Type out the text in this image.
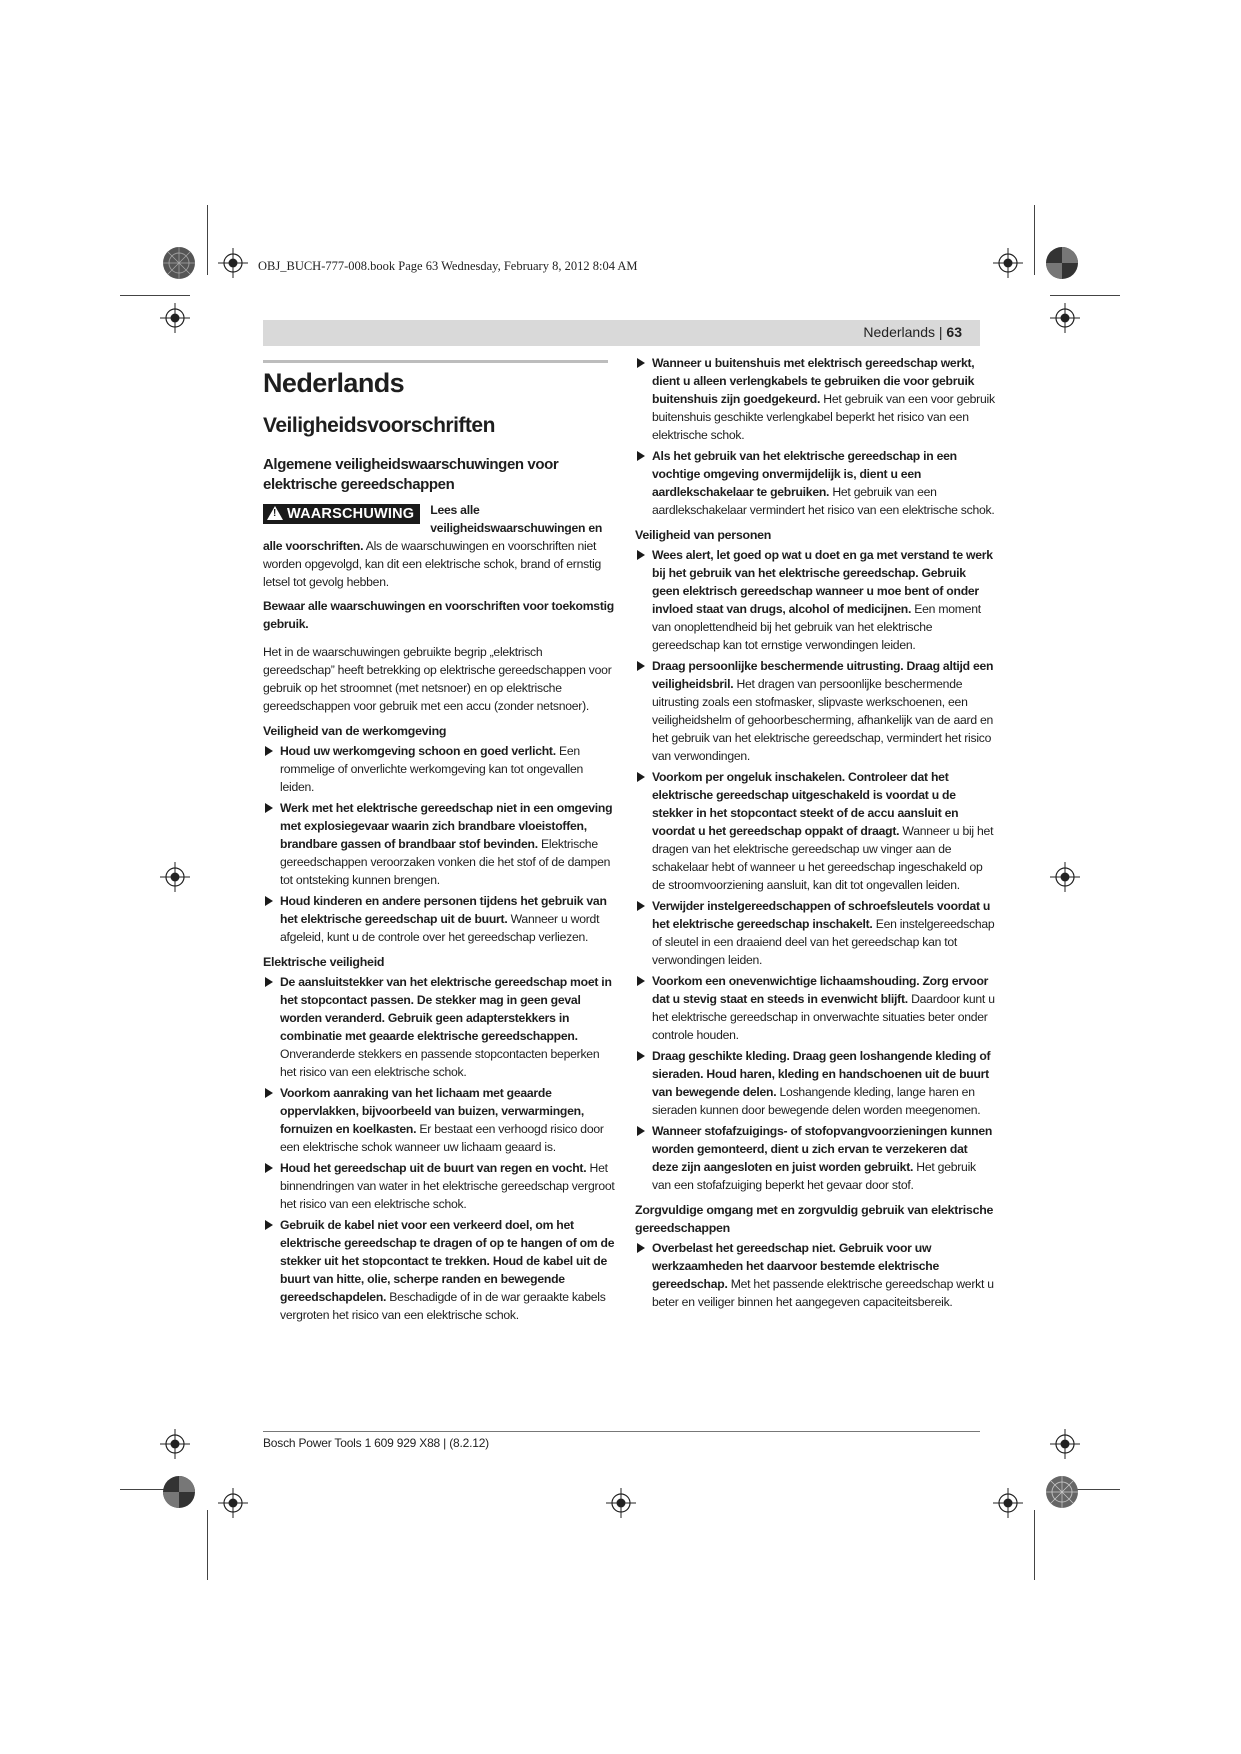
OBJ_BUCH-777-008.book Page 63 Wednesday, February 8, 2012 8:04 AM
Nederlands | 63
Nederlands
Veiligheidsvoorschriften
Algemene veiligheidswaarschuwingen voor elektrische gereedschappen

! WAARSCHUWING	Lees alle veiligheidswaarschuwingen en alle voorschriften. Als de waarschuwingen en voorschriften niet worden opgevolgd, kan dit een elektrische schok, brand of ernstig letsel tot gevolg hebben.

Bewaar alle waarschuwingen en voorschriften voor toekomstig gebruik.

Het in de waarschuwingen gebruikte begrip „elektrisch gereedschap” heeft betrekking op elektrische gereedschappen voor gebruik op het stroomnet (met netsnoer) en op elektrische gereedschappen voor gebruik met een accu (zonder netsnoer).

Veiligheid van de werkomgeving
Houd uw werkomgeving schoon en goed verlicht. Een rommelige of onverlichte werkomgeving kan tot ongevallen leiden.
Werk met het elektrische gereedschap niet in een omgeving met explosiegevaar waarin zich brandbare vloeistoffen, brandbare gassen of brandbaar stof bevinden. Elektrische gereedschappen veroorzaken vonken die het stof of de dampen tot ontsteking kunnen brengen.
Houd kinderen en andere personen tijdens het gebruik van het elektrische gereedschap uit de buurt. Wanneer u wordt afgeleid, kunt u de controle over het gereedschap verliezen.
Elektrische veiligheid
De aansluitstekker van het elektrische gereedschap moet in het stopcontact passen. De stekker mag in geen geval worden veranderd. Gebruik geen adapterstekkers in combinatie met geaarde elektrische gereedschappen. Onveranderde stekkers en passende stopcontacten beperken het risico van een elektrische schok.
Voorkom aanraking van het lichaam met geaarde oppervlakken, bijvoorbeeld van buizen, verwarmingen, fornuizen en koelkasten. Er bestaat een verhoogd risico door een elektrische schok wanneer uw lichaam geaard is.
Houd het gereedschap uit de buurt van regen en vocht. Het binnendringen van water in het elektrische gereedschap vergroot het risico van een elektrische schok.
Gebruik de kabel niet voor een verkeerd doel, om het elektrische gereedschap te dragen of op te hangen of om de stekker uit het stopcontact te trekken. Houd de kabel uit de buurt van hitte, olie, scherpe randen en bewegende gereedschapdelen. Beschadigde of in de war geraakte kabels vergroten het risico van een elektrische schok.
Wanneer u buitenshuis met elektrisch gereedschap werkt, dient u alleen verlengkabels te gebruiken die voor gebruik buitenshuis zijn goedgekeurd. Het gebruik van een voor gebruik buitenshuis geschikte verlengkabel beperkt het risico van een elektrische schok.
Als het gebruik van het elektrische gereedschap in een vochtige omgeving onvermijdelijk is, dient u een aardlekschakelaar te gebruiken. Het gebruik van een aardlekschakelaar vermindert het risico van een elektrische schok.
Veiligheid van personen
Wees alert, let goed op wat u doet en ga met verstand te werk bij het gebruik van het elektrische gereedschap. Gebruik geen elektrisch gereedschap wanneer u moe bent of onder invloed staat van drugs, alcohol of medicijnen. Een moment van onoplettendheid bij het gebruik van het elektrische gereedschap kan tot ernstige verwondingen leiden.
Draag persoonlijke beschermende uitrusting. Draag altijd een veiligheidsbril. Het dragen van persoonlijke beschermende uitrusting zoals een stofmasker, slipvaste werkschoenen, een veiligheidshelm of gehoorbescherming, afhankelijk van de aard en het gebruik van het elektrische gereedschap, vermindert het risico van verwondingen.
Voorkom per ongeluk inschakelen. Controleer dat het elektrische gereedschap uitgeschakeld is voordat u de stekker in het stopcontact steekt of de accu aansluit en voordat u het gereedschap oppakt of draagt. Wanneer u bij het dragen van het elektrische gereedschap uw vinger aan de schakelaar hebt of wanneer u het gereedschap ingeschakeld op de stroomvoorziening aansluit, kan dit tot ongevallen leiden.
Verwijder instelgereedschappen of schroefsleutels voordat u het elektrische gereedschap inschakelt. Een instelgereedschap of sleutel in een draaiend deel van het gereedschap kan tot verwondingen leiden.
Voorkom een onevenwichtige lichaamshouding. Zorg ervoor dat u stevig staat en steeds in evenwicht blijft. Daardoor kunt u het elektrische gereedschap in onverwachte situaties beter onder controle houden.
Draag geschikte kleding. Draag geen loshangende kleding of sieraden. Houd haren, kleding en handschoenen uit de buurt van bewegende delen. Loshangende kleding, lange haren en sieraden kunnen door bewegende delen worden meegenomen.
Wanneer stofafzuigings- of stofopvangvoorzieningen kunnen worden gemonteerd, dient u zich ervan te verzekeren dat deze zijn aangesloten en juist worden gebruikt. Het gebruik van een stofafzuiging beperkt het gevaar door stof.
Zorgvuldige omgang met en zorgvuldig gebruik van elektrische gereedschappen
Overbelast het gereedschap niet. Gebruik voor uw werkzaamheden het daarvoor bestemde elektrische gereedschap. Met het passende elektrische gereedschap werkt u beter en veiliger binnen het aangegeven capaciteitsbereik.
Bosch Power Tools 1 609 929 X88 | (8.2.12)
